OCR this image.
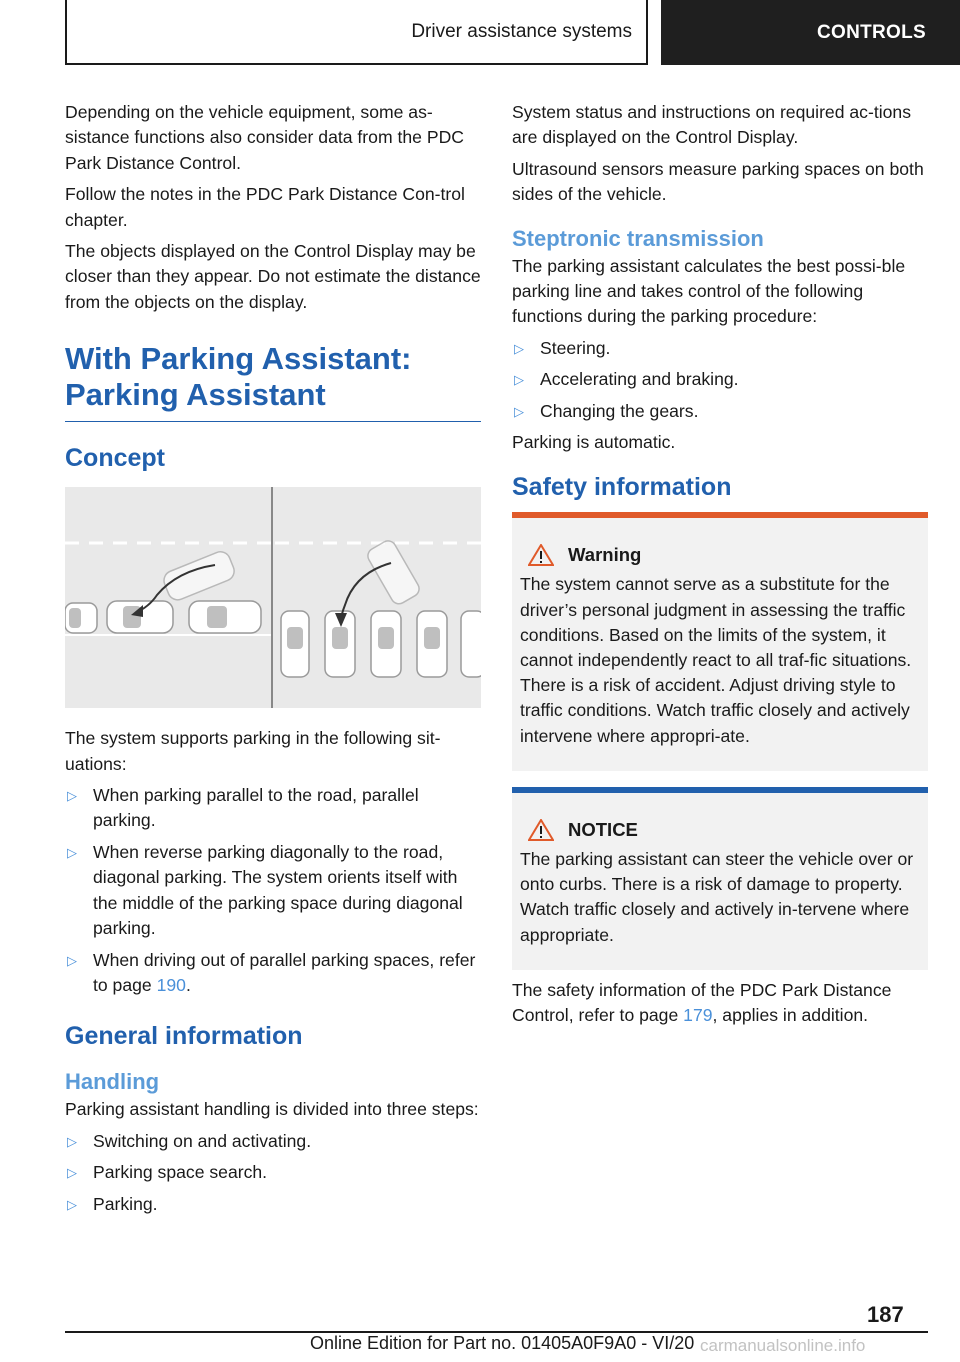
Driver assistance systems	CONTROLS

Depending on the vehicle equipment, some as-sistance functions also consider data from the PDC Park Distance Control.

Follow the notes in the PDC Park Distance Con-trol chapter.

The objects displayed on the Control Display may be closer than they appear. Do not estimate the distance from the objects on the display.

With Parking Assistant:
Parking Assistant
Concept

The system supports parking in the following sit-uations:

▷ When parking parallel to the road, parallel parking.
▷ When reverse parking diagonally to the road, diagonal parking. The system orients itself with the middle of the parking space during diagonal parking.
▷ When driving out of parallel parking spaces, refer to page 190.
General information
Handling

Parking assistant handling is divided into three steps:

▷ Switching on and activating.
▷ Parking space search.
▷ Parking.

System status and instructions on required ac-tions are displayed on the Control Display.

Ultrasound sensors measure parking spaces on both sides of the vehicle.

Steptronic transmission

The parking assistant calculates the best possi-ble parking line and takes control of the following functions during the parking procedure:

▷ Steering.
▷ Accelerating and braking.
▷ Changing the gears.

Parking is automatic.

Safety information
Warning

The system cannot serve as a substitute for the driver’s personal judgment in assessing the traffic conditions. Based on the limits of the system, it cannot independently react to all traf-fic situations. There is a risk of accident. Adjust driving style to traffic conditions. Watch traffic closely and actively intervene where appropri-ate.

NOTICE

The parking assistant can steer the vehicle over or onto curbs. There is a risk of damage to property. Watch traffic closely and actively in-tervene where appropriate.

The safety information of the PDC Park Distance Control, refer to page 179, applies in addition.

187
Online Edition for Part no. 01405A0F9A0 - VI/20 carmanualsonline.info
